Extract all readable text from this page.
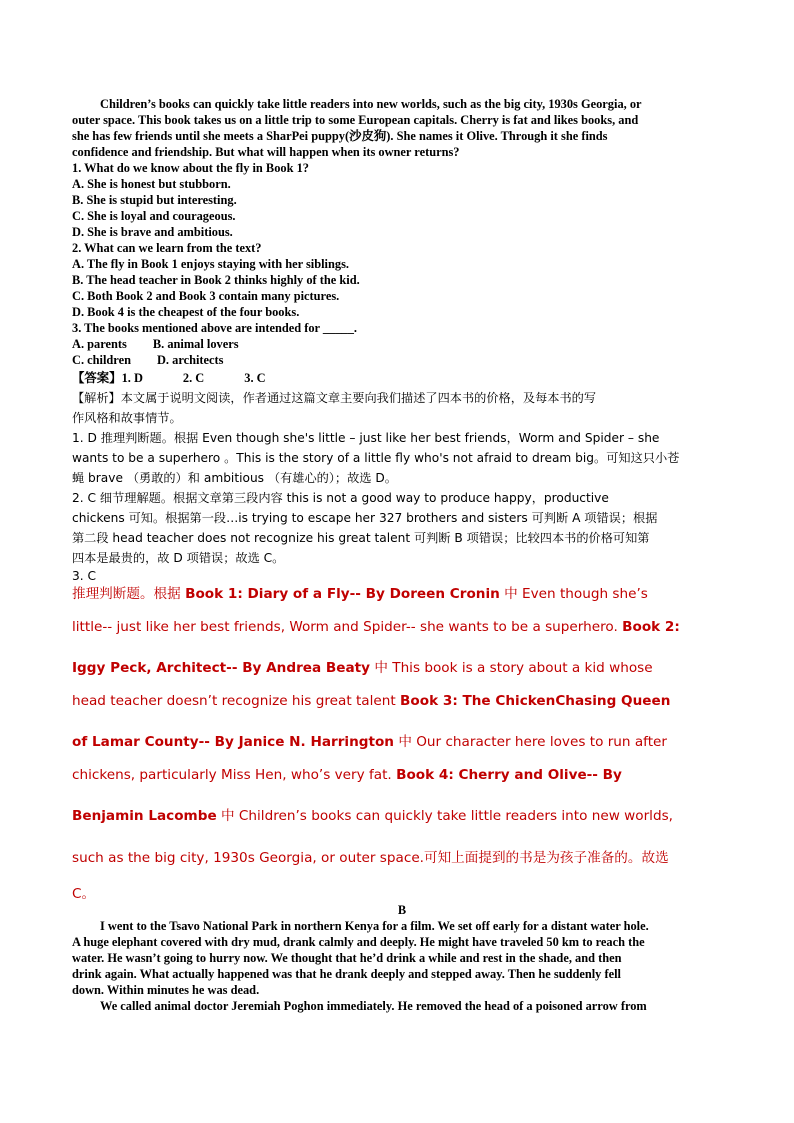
Children’s books can quickly take little readers into new worlds, such as the big city, 1930s Georgia, or
outer space. This book takes us on a little trip to some European capitals. Cherry is fat and likes books, and
she has few friends until she meets a SharPei puppy(沙皮狗). She names it Olive. Through it she finds
confidence and friendship. But what will happen when its owner returns?
1. What do we know about the fly in Book 1?
A. She is honest but stubborn.
B. She is stupid but interesting.
C. She is loyal and courageous.
D. She is brave and ambitious.
2. What can we learn from the text?
A. The fly in Book 1 enjoys staying with her siblings.
B. The head teacher in Book 2 thinks highly of the kid.
C. Both Book 2 and Book 3 contain many pictures.
D. Book 4 is the cheapest of the four books.
3. The books mentioned above are intended for _____.
A. parents B. animal lovers
C. children D. architects
【答案】1. D	2. C	3. C
【解析】本文属于说明文阅读，作者通过这篇文章主要向我们描述了四本书的价格，及每本书的写
作风格和故事情节。
1. D 推理判断题。根据 Even though she's little – just like her best friends，Worm and Spider – she
wants to be a superhero 。This is the story of a little fly who's not afraid to dream big。可知这只小苍
蝇 brave （勇敢的）和 ambitious （有雄心的）；故选 D。
2. C 细节理解题。根据文章第三段内容 this is not a good way to produce happy，productive
chickens 可知。根据第一段…is trying to escape her 327 brothers and sisters 可判断 A 项错误；根据
第二段 head teacher does not recognize his great talent 可判断 B 项错误；比较四本书的价格可知第
四本是最贵的，故 D 项错误；故选 C。
3. C
推理判断题。根据 Book 1: Diary of a Fly-- By Doreen Cronin 中 Even though she’s
little-- just like her best friends, Worm and Spider-- she wants to be a superhero. Book 2:
Iggy Peck, Architect-- By Andrea Beaty 中 This book is a story about a kid whose
head teacher doesn’t recognize his great talent Book 3: The ChickenChasing Queen
of Lamar County-- By Janice N. Harrington 中 Our character here loves to run after
chickens, particularly Miss Hen, who’s very fat. Book 4: Cherry and Olive-- By
Benjamin Lacombe 中 Children’s books can quickly take little readers into new worlds,
such as the big city, 1930s Georgia, or outer space.可知上面提到的书是为孩子准备的。故选
C。
B
I went to the Tsavo National Park in northern Kenya for a film. We set off early for a distant water hole.
A huge elephant covered with dry mud, drank calmly and deeply. He might have traveled 50 km to reach the
water. He wasn’t going to hurry now. We thought that he’d drink a while and rest in the shade, and then
drink again. What actually happened was that he drank deeply and stepped away. Then he suddenly fell
down. Within minutes he was dead.
We called animal doctor Jeremiah Poghon immediately. He removed the head of a poisoned arrow from
